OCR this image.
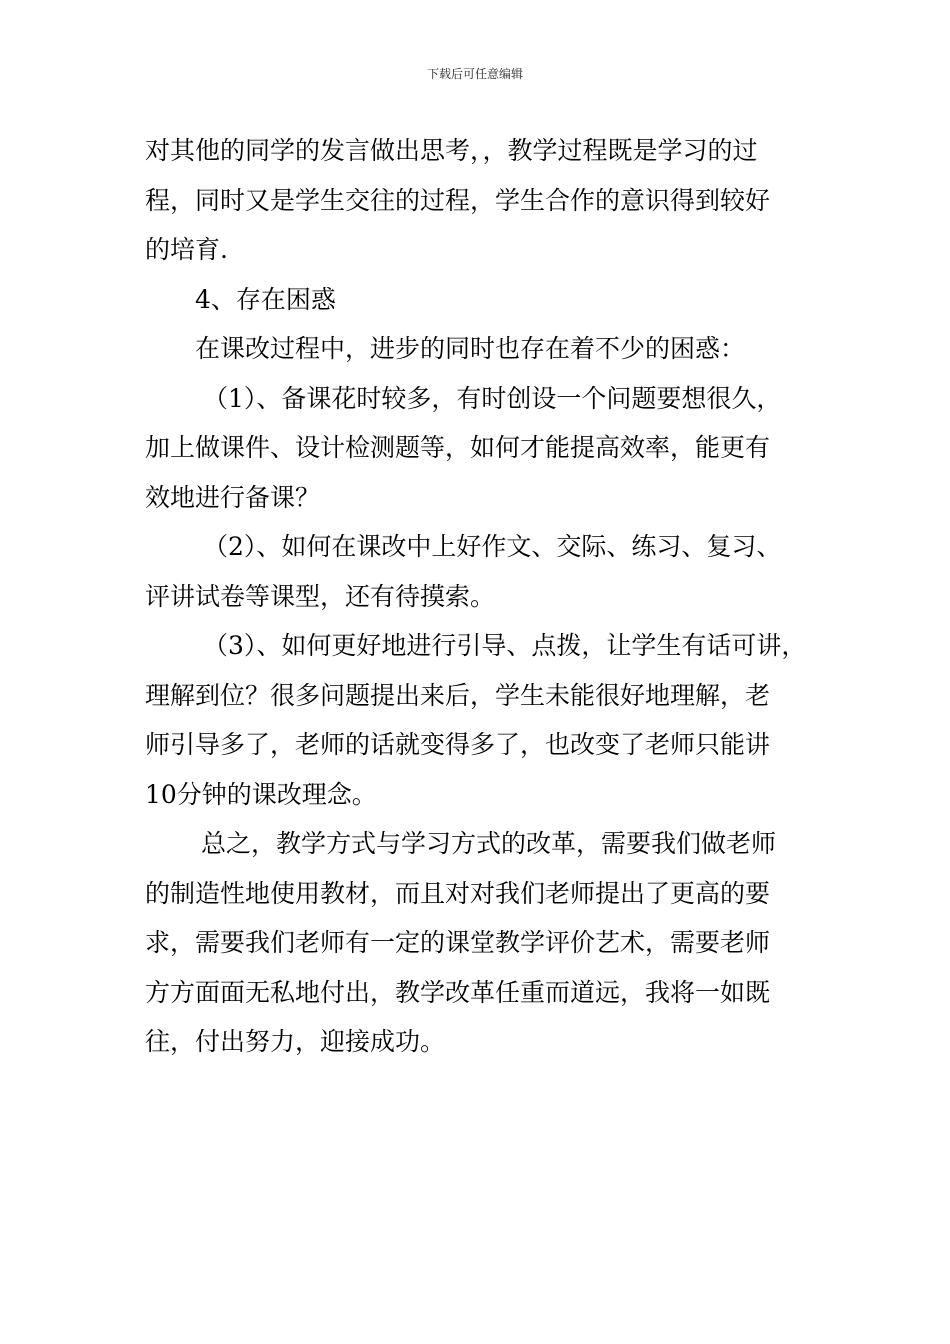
下载后可任意编辑
对其他的同学的发言做出思考，，教学过程既是学习的过
程，同时又是学生交往的过程，学生合作的意识得到较好
的培育.
4、存在困惑
在课改过程中，进步的同时也存在着不少的困惑：
（1）、备课花时较多，有时创设一个问题要想很久，
加上做课件、设计检测题等，如何才能提高效率，能更有
效地进行备课？
（2）、如何在课改中上好作文、交际、练习、复习、
评讲试卷等课型，还有待摸索。
（3）、如何更好地进行引导、点拨，让学生有话可讲，
理解到位？很多问题提出来后，学生未能很好地理解，老
师引导多了，老师的话就变得多了，也改变了老师只能讲
10分钟的课改理念。
总之，教学方式与学习方式的改革，需要我们做老师
的制造性地使用教材，而且对对我们老师提出了更高的要
求，需要我们老师有一定的课堂教学评价艺术，需要老师
方方面面无私地付出，教学改革任重而道远，我将一如既
往，付出努力，迎接成功。
